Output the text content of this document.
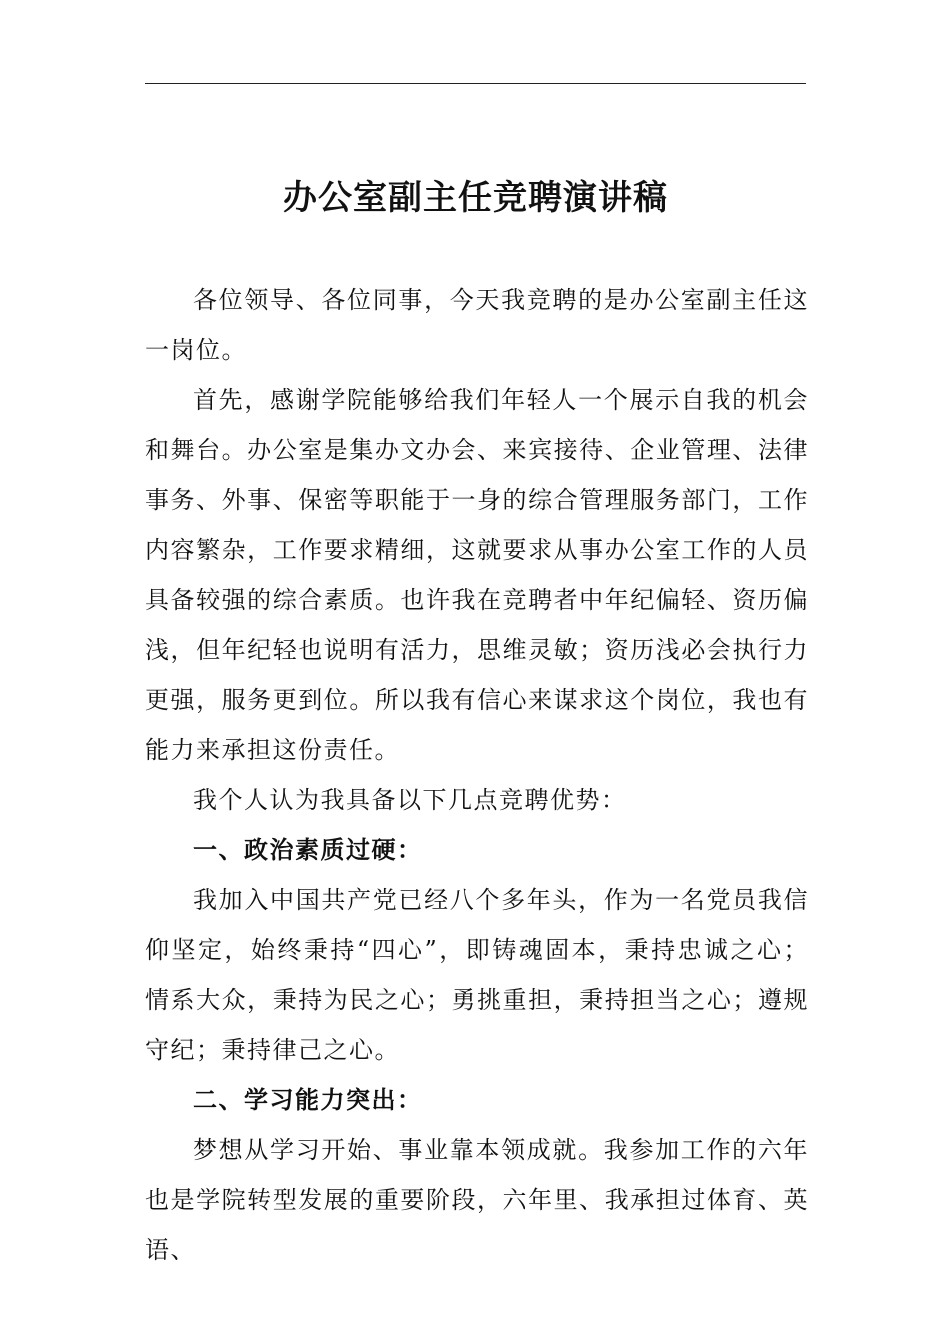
办公室副主任竞聘演讲稿

各位领导、各位同事，今天我竞聘的是办公室副主任这一岗位。

首先，感谢学院能够给我们年轻人一个展示自我的机会和舞台。办公室是集办文办会、来宾接待、企业管理、法律事务、外事、保密等职能于一身的综合管理服务部门，工作内容繁杂，工作要求精细，这就要求从事办公室工作的人员具备较强的综合素质。也许我在竞聘者中年纪偏轻、资历偏浅，但年纪轻也说明有活力，思维灵敏；资历浅必会执行力更强，服务更到位。所以我有信心来谋求这个岗位，我也有能力来承担这份责任。

我个人认为我具备以下几点竞聘优势：

一、政治素质过硬：

我加入中国共产党已经八个多年头，作为一名党员我信仰坚定，始终秉持“四心”，即铸魂固本，秉持忠诚之心；情系大众，秉持为民之心；勇挑重担，秉持担当之心；遵规守纪；秉持律己之心。

二、学习能力突出：

梦想从学习开始、事业靠本领成就。我参加工作的六年也是学院转型发展的重要阶段，六年里、我承担过体育、英语、
